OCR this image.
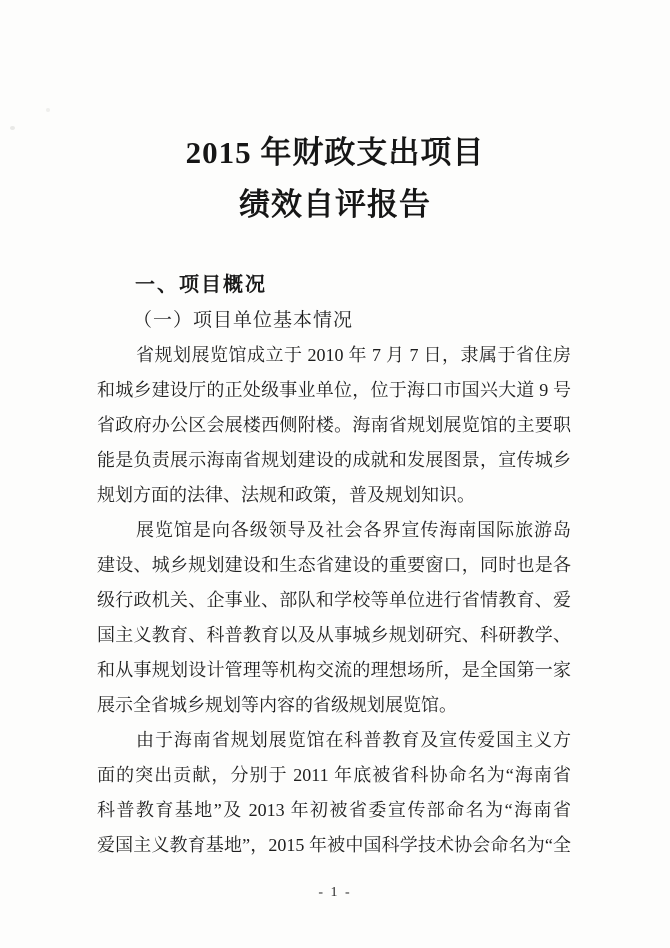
2015 年财政支出项目
绩效自评报告
一、项目概况
（一）项目单位基本情况
省规划展览馆成立于 2010 年 7 月 7 日，隶属于省住房
和城乡建设厅的正处级事业单位，位于海口市国兴大道 9 号
省政府办公区会展楼西侧附楼。海南省规划展览馆的主要职
能是负责展示海南省规划建设的成就和发展图景，宣传城乡
规划方面的法律、法规和政策，普及规划知识。
展览馆是向各级领导及社会各界宣传海南国际旅游岛
建设、城乡规划建设和生态省建设的重要窗口，同时也是各
级行政机关、企事业、部队和学校等单位进行省情教育、爱
国主义教育、科普教育以及从事城乡规划研究、科研教学、
和从事规划设计管理等机构交流的理想场所，是全国第一家
展示全省城乡规划等内容的省级规划展览馆。
由于海南省规划展览馆在科普教育及宣传爱国主义方
面的突出贡献，分别于 2011 年底被省科协命名为“海南省
科普教育基地”及 2013 年初被省委宣传部命名为“海南省
爱国主义教育基地”，2015 年被中国科学技术协会命名为“全
- 1 -
